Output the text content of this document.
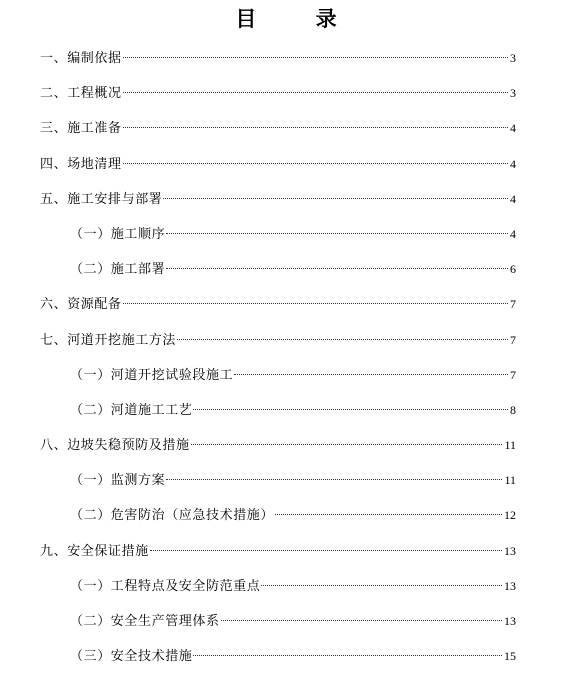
目 录
一、编制依据	3
二、工程概况	3
三、施工准备	4
四、场地清理	4
五、施工安排与部署	4
（一）施工顺序	4
（二）施工部署	6
六、资源配备	7
七、河道开挖施工方法	7
（一）河道开挖试验段施工	7
（二）河道施工工艺	8
八、边坡失稳预防及措施	11
（一）监测方案	11
（二）危害防治（应急技术措施）	12
九、安全保证措施	13
（一）工程特点及安全防范重点	13
（二）安全生产管理体系	13
（三）安全技术措施	15
